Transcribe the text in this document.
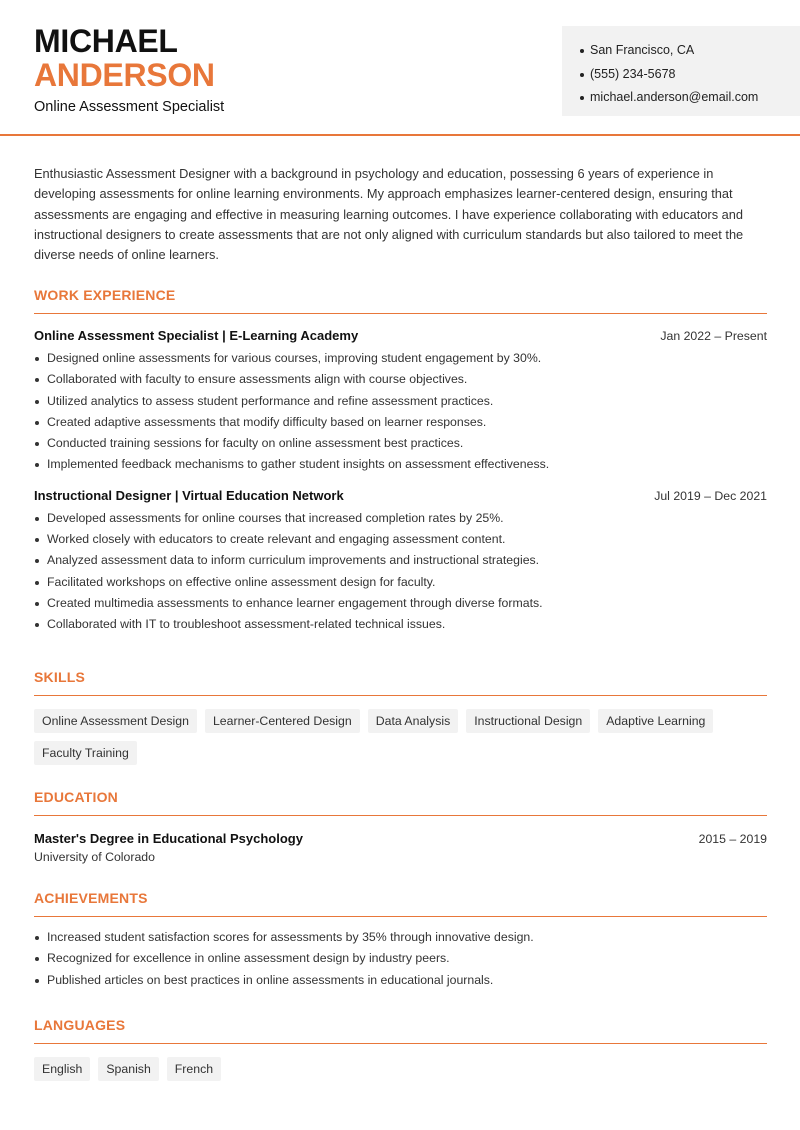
MICHAEL
ANDERSON
Online Assessment Specialist
San Francisco, CA
(555) 234-5678
michael.anderson@email.com

Enthusiastic Assessment Designer with a background in psychology and education, possessing 6 years of experience in developing assessments for online learning environments. My approach emphasizes learner-centered design, ensuring that assessments are engaging and effective in measuring learning outcomes. I have experience collaborating with educators and instructional designers to create assessments that are not only aligned with curriculum standards but also tailored to meet the diverse needs of online learners.

WORK EXPERIENCE
Online Assessment Specialist | E-Learning Academy	Jan 2022 – Present
Designed online assessments for various courses, improving student engagement by 30%.
Collaborated with faculty to ensure assessments align with course objectives.
Utilized analytics to assess student performance and refine assessment practices.
Created adaptive assessments that modify difficulty based on learner responses.
Conducted training sessions for faculty on online assessment best practices.
Implemented feedback mechanisms to gather student insights on assessment effectiveness.
Instructional Designer | Virtual Education Network	Jul 2019 – Dec 2021
Developed assessments for online courses that increased completion rates by 25%.
Worked closely with educators to create relevant and engaging assessment content.
Analyzed assessment data to inform curriculum improvements and instructional strategies.
Facilitated workshops on effective online assessment design for faculty.
Created multimedia assessments to enhance learner engagement through diverse formats.
Collaborated with IT to troubleshoot assessment-related technical issues.
SKILLS
Online Assessment Design	Learner-Centered Design	Data Analysis	Instructional Design	Adaptive Learning
Faculty Training
EDUCATION
Master's Degree in Educational Psychology	2015 – 2019
University of Colorado
ACHIEVEMENTS
Increased student satisfaction scores for assessments by 35% through innovative design.
Recognized for excellence in online assessment design by industry peers.
Published articles on best practices in online assessments in educational journals.
LANGUAGES
English	Spanish	French
